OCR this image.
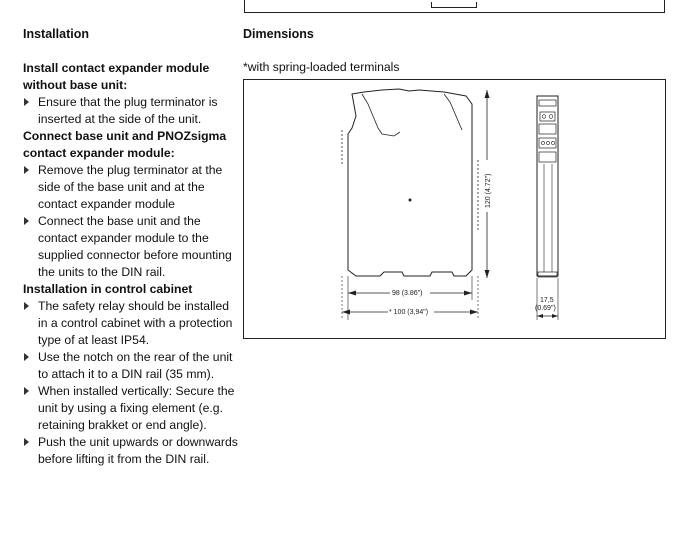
Installation	Dimensions

Install contact expander module without base unit:

Ensure that the plug terminator is inserted at the side of the unit.

Connect base unit and PNOZsigma contact expander module:

Remove the plug terminator at the side of the base unit and at the contact expander module
Connect the base unit and the contact expander module to the supplied connector before mounting the units to the DIN rail.

Installation in control cabinet

The safety relay should be installed in a control cabinet with a protection type of at least IP54.
Use the notch on the rear of the unit to attach it to a DIN rail (35 mm).
When installed vertically: Secure the unit by using a fixing element (e.g. retaining brakket or end angle).
Push the unit upwards or downwards before lifting it from the DIN rail.
*with spring-loaded terminals
120 (4.72")
98 (3.86")
* 100 (3,94")
17,5
(0.69")
